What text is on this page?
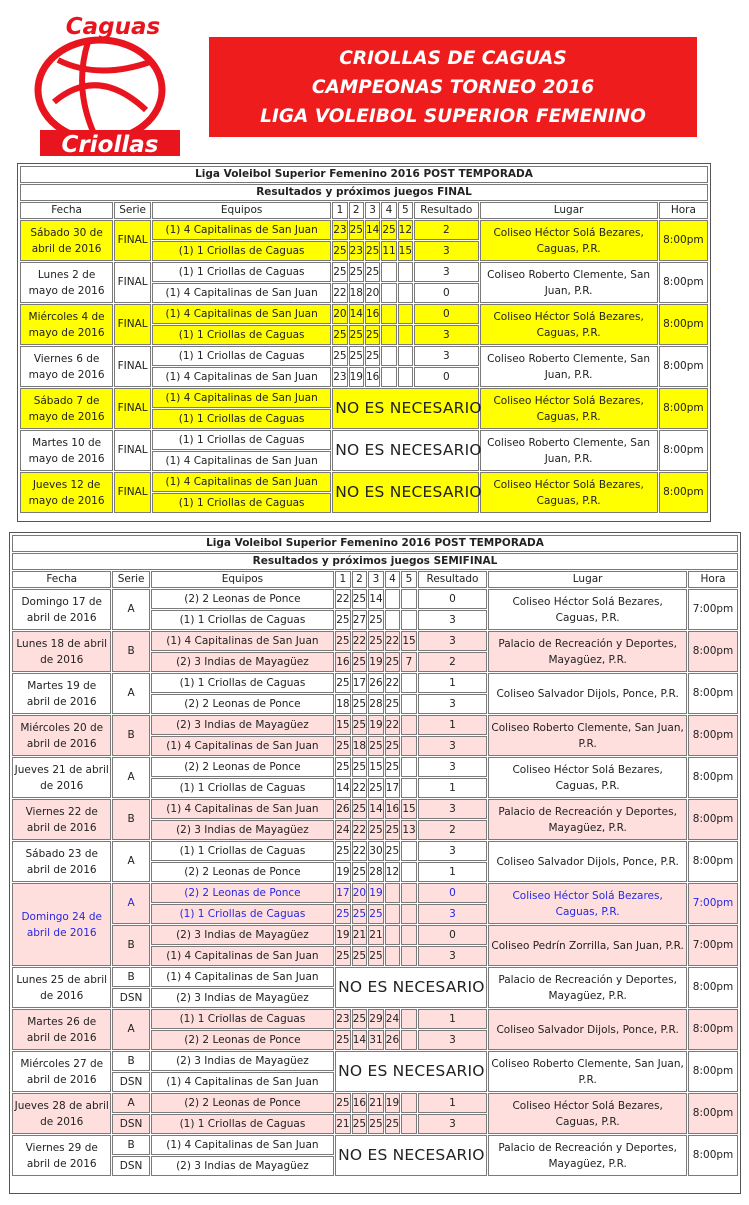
Caguas
Criollas
CRIOLLAS DE CAGUAS
CAMPEONAS TORNEO 2016
LIGA VOLEIBOL SUPERIOR FEMENINO
Liga Voleibol Superior Femenino 2016 POST TEMPORADA										
Resultados y próximos juegos FINAL										
Fecha	Serie	Equipos	1	2	3	4	5	Resultado	Lugar	Hora
Sábado 30 de abril de 2016	FINAL	(1) 4 Capitalinas de San Juan	23	25	14	25	12	2	Coliseo Héctor Solá Bezares, Caguas, P.R.	8:00pm
		(1) 1 Criollas de Caguas	25	23	25	11	15	3		
Lunes 2 de mayo de 2016	FINAL	(1) 1 Criollas de Caguas	25	25	25			3	Coliseo Roberto Clemente, San Juan, P.R.	8:00pm
		(1) 4 Capitalinas de San Juan	22	18	20			0		
Miércoles 4 de mayo de 2016	FINAL	(1) 4 Capitalinas de San Juan	20	14	16			0	Coliseo Héctor Solá Bezares, Caguas, P.R.	8:00pm
		(1) 1 Criollas de Caguas	25	25	25			3		
Viernes 6 de mayo de 2016	FINAL	(1) 1 Criollas de Caguas	25	25	25			3	Coliseo Roberto Clemente, San Juan, P.R.	8:00pm
		(1) 4 Capitalinas de San Juan	23	19	16			0		
Sábado 7 de mayo de 2016	FINAL	(1) 4 Capitalinas de San Juan	NO ES NECESARIO						Coliseo Héctor Solá Bezares, Caguas, P.R.	8:00pm
		(1) 1 Criollas de Caguas								
Martes 10 de mayo de 2016	FINAL	(1) 1 Criollas de Caguas	NO ES NECESARIO						Coliseo Roberto Clemente, San Juan, P.R.	8:00pm
		(1) 4 Capitalinas de San Juan								
Jueves 12 de mayo de 2016	FINAL	(1) 4 Capitalinas de San Juan	NO ES NECESARIO						Coliseo Héctor Solá Bezares, Caguas, P.R.	8:00pm
		(1) 1 Criollas de Caguas								
Liga Voleibol Superior Femenino 2016 POST TEMPORADA										
Resultados y próximos juegos SEMIFINAL										
Fecha	Serie	Equipos	1	2	3	4	5	Resultado	Lugar	Hora
Domingo 17 de abril de 2016	A	(2) 2 Leonas de Ponce	22	25	14			0	Coliseo Héctor Solá Bezares, Caguas, P.R.	7:00pm
		(1) 1 Criollas de Caguas	25	27	25			3		
Lunes 18 de abril de 2016	B	(1) 4 Capitalinas de San Juan	25	22	25	22	15	3	Palacio de Recreación y Deportes, Mayagüez, P.R.	8:00pm
		(2) 3 Indias de Mayagüez	16	25	19	25	7	2		
Martes 19 de abril de 2016	A	(1) 1 Criollas de Caguas	25	17	26	22		1	Coliseo Salvador Dijols, Ponce, P.R.	8:00pm
		(2) 2 Leonas de Ponce	18	25	28	25		3		
Miércoles 20 de abril de 2016	B	(2) 3 Indias de Mayagüez	15	25	19	22		1	Coliseo Roberto Clemente, San Juan, P.R.	8:00pm
		(1) 4 Capitalinas de San Juan	25	18	25	25		3		
Jueves 21 de abril de 2016	A	(2) 2 Leonas de Ponce	25	25	15	25		3	Coliseo Héctor Solá Bezares, Caguas, P.R.	8:00pm
		(1) 1 Criollas de Caguas	14	22	25	17		1		
Viernes 22 de abril de 2016	B	(1) 4 Capitalinas de San Juan	26	25	14	16	15	3	Palacio de Recreación y Deportes, Mayagüez, P.R.	8:00pm
		(2) 3 Indias de Mayagüez	24	22	25	25	13	2		
Sábado 23 de abril de 2016	A	(1) 1 Criollas de Caguas	25	22	30	25		3	Coliseo Salvador Dijols, Ponce, P.R.	8:00pm
		(2) 2 Leonas de Ponce	19	25	28	12		1		
Domingo 24 de abril de 2016	A	(2) 2 Leonas de Ponce	17	20	19			0	Coliseo Héctor Solá Bezares, Caguas, P.R.	7:00pm
		(1) 1 Criollas de Caguas	25	25	25			3		
	B	(2) 3 Indias de Mayagüez	19	21	21			0	Coliseo Pedrín Zorrilla, San Juan, P.R.	7:00pm
		(1) 4 Capitalinas de San Juan	25	25	25			3		
Lunes 25 de abril de 2016	B	(1) 4 Capitalinas de San Juan	NO ES NECESARIO						Palacio de Recreación y Deportes, Mayagüez, P.R.	8:00pm
	DSN	(2) 3 Indias de Mayagüez								
Martes 26 de abril de 2016	A	(1) 1 Criollas de Caguas	23	25	29	24		1	Coliseo Salvador Dijols, Ponce, P.R.	8:00pm
		(2) 2 Leonas de Ponce	25	14	31	26		3		
Miércoles 27 de abril de 2016	B	(2) 3 Indias de Mayagüez	NO ES NECESARIO						Coliseo Roberto Clemente, San Juan, P.R.	8:00pm
	DSN	(1) 4 Capitalinas de San Juan								
Jueves 28 de abril de 2016	A	(2) 2 Leonas de Ponce	25	16	21	19		1	Coliseo Héctor Solá Bezares, Caguas, P.R.	8:00pm
	DSN	(1) 1 Criollas de Caguas	21	25	25	25		3		
Viernes 29 de abril de 2016	B	(1) 4 Capitalinas de San Juan	NO ES NECESARIO						Palacio de Recreación y Deportes, Mayagüez, P.R.	8:00pm
	DSN	(2) 3 Indias de Mayagüez								
